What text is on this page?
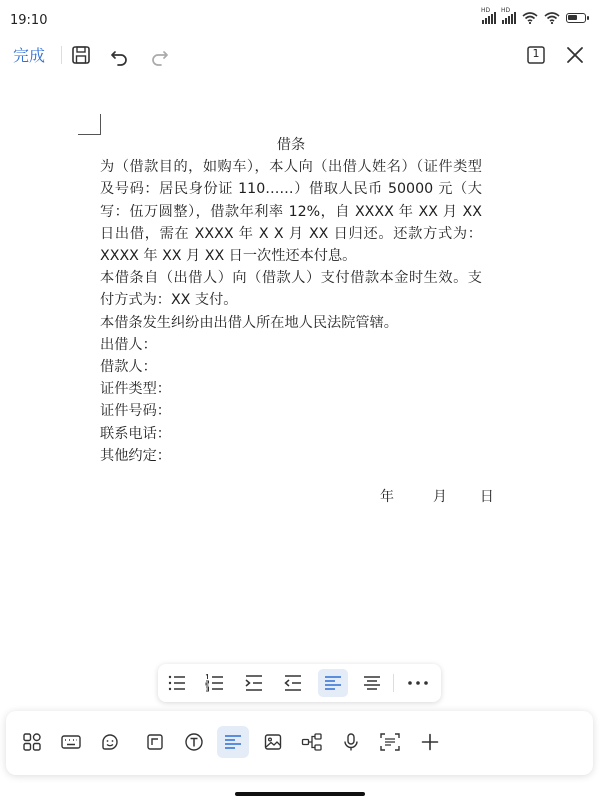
19:10
HD HD
完成	1
借条

为（借款目的，如购车），本人向（出借人姓名）（证件类型及号码：居民身份证 110……）借取人民币 50000 元（大写：伍万圆整），借款年利率 12%，自 XXXX 年 XX 月 XX 日出借，需在 XXXX 年 X X 月 XX 日归还。还款方式为：XXXX 年 XX 月 XX 日一次性还本付息。

本借条自（出借人）向（借款人）支付借款本金时生效。支付方式为：XX 支付。

本借条发生纠纷由出借人所在地人民法院管辖。

出借人：
借款人：
证件类型：
证件号码：
联系电话：
其他约定：
年	月 日
